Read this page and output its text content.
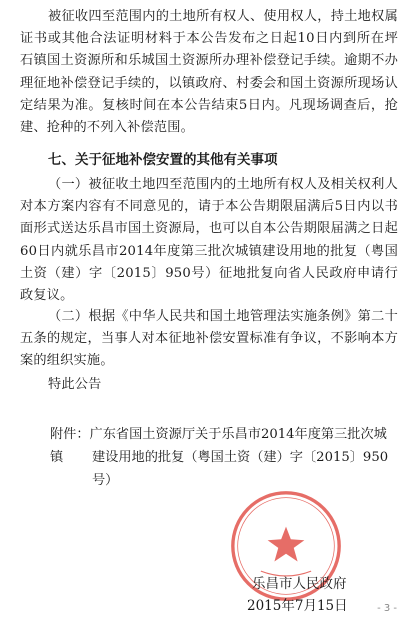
被征收四至范围内的土地所有权人、使用权人，持土地权属证书或其他合法证明材料于本公告发布之日起10日内到所在坪石镇国土资源所和乐城国土资源所办理补偿登记手续。逾期不办理征地补偿登记手续的，以镇政府、村委会和国土资源所现场认定结果为准。复核时间在本公告结束5日内。凡现场调查后，抢建、抢种的不列入补偿范围。

七、关于征地补偿安置的其他有关事项

（一）被征收土地四至范围内的土地所有权人及相关权利人对本方案内容有不同意见的，请于本公告期限届满后5日内以书面形式送达乐昌市国土资源局，也可以自本公告期限届满之日起60日内就乐昌市2014年度第三批次城镇建设用地的批复（粤国土资（建）字〔2015〕950号）征地批复向省人民政府申请行政复议。

（二）根据《中华人民共和国土地管理法实施条例》第二十五条的规定，当事人对本征地补偿安置标准有争议，不影响本方案的组织实施。

特此公告

附件：广东省国土资源厅关于乐昌市2014年度第三批次城镇	建设用地的批复（粤国土资（建）字〔2015〕950号）

乐昌市人民政府

2015年7月15日	- 3 -
